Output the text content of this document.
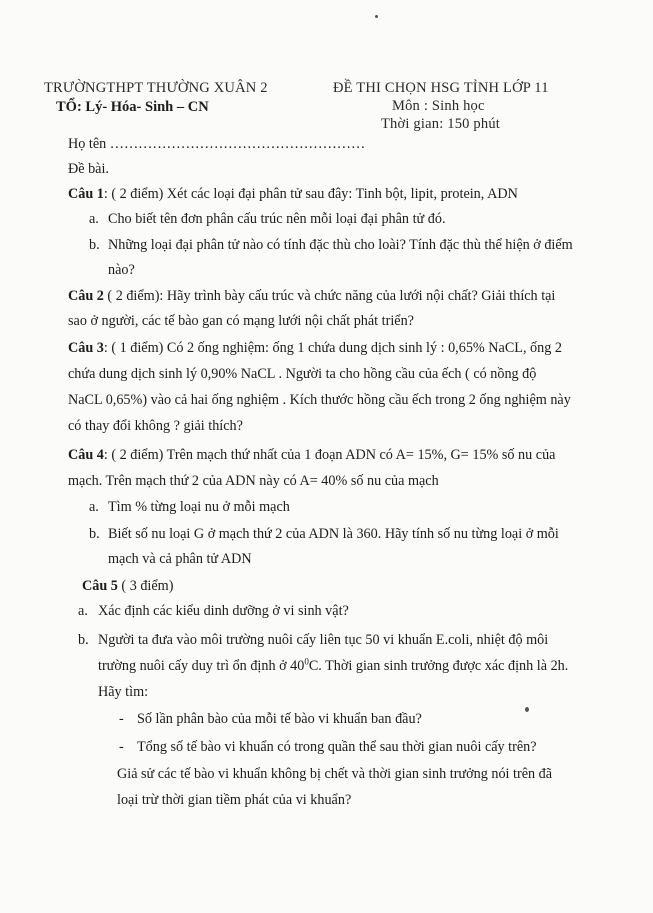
TRƯỜNGTHPT THƯỜNG XUÂN 2
TỔ: Lý- Hóa- Sinh – CN
ĐỀ THI CHỌN HSG TỈNH LỚP 11
Môn : Sinh học
Thời gian: 150 phút
Họ tên ………………………………………………
Đề bài.
Câu 1: ( 2 điểm) Xét các loại đại phân tử sau đây: Tinh bột, lipit, protein, ADN
a. Cho biết tên đơn phân cấu trúc nên mỗi loại đại phân tử đó.
b. Những loại đại phân tử nào có tính đặc thù cho loài? Tính đặc thù thể hiện ở điểm
nào?
Câu 2 ( 2 điểm): Hãy trình bày cấu trúc và chức năng của lưới nội chất? Giải thích tại
sao ở người, các tế bào gan có mạng lưới nội chất phát triển?
Câu 3: ( 1 điểm) Có 2 ống nghiệm: ống 1 chứa dung dịch sinh lý : 0,65% NaCL, ống 2
chứa dung dịch sinh lý 0,90% NaCL . Người ta cho hồng cầu của ếch ( có nồng độ
NaCL 0,65%) vào cả hai ống nghiệm . Kích thước hồng cầu ếch trong 2 ống nghiệm này
có thay đổi không ? giải thích?
Câu 4: ( 2 điểm) Trên mạch thứ nhất của 1 đoạn ADN có A= 15%, G= 15% số nu của
mạch. Trên mạch thứ 2 của ADN này có A= 40% số nu của mạch
a. Tìm % từng loại nu ở mỗi mạch
b. Biết số nu loại G ở mạch thứ 2 của ADN là 360. Hãy tính số nu từng loại ở mỗi
mạch và cả phân tử ADN
Câu 5 ( 3 điểm)
a. Xác định các kiểu dinh dưỡng ở vi sinh vật?
b. Người ta đưa vào môi trường nuôi cấy liên tục 50 vi khuẩn E.coli, nhiệt độ môi
trường nuôi cấy duy trì ổn định ở $40^0C$. Thời gian sinh trưởng được xác định là 2h.
Hãy tìm:
- Số lần phân bào của mỗi tế bào vi khuẩn ban đầu?
- Tổng số tế bào vi khuẩn có trong quần thể sau thời gian nuôi cấy trên?
Giả sử các tế bào vi khuẩn không bị chết và thời gian sinh trưởng nói trên đã
loại trừ thời gian tiềm phát của vi khuẩn?
